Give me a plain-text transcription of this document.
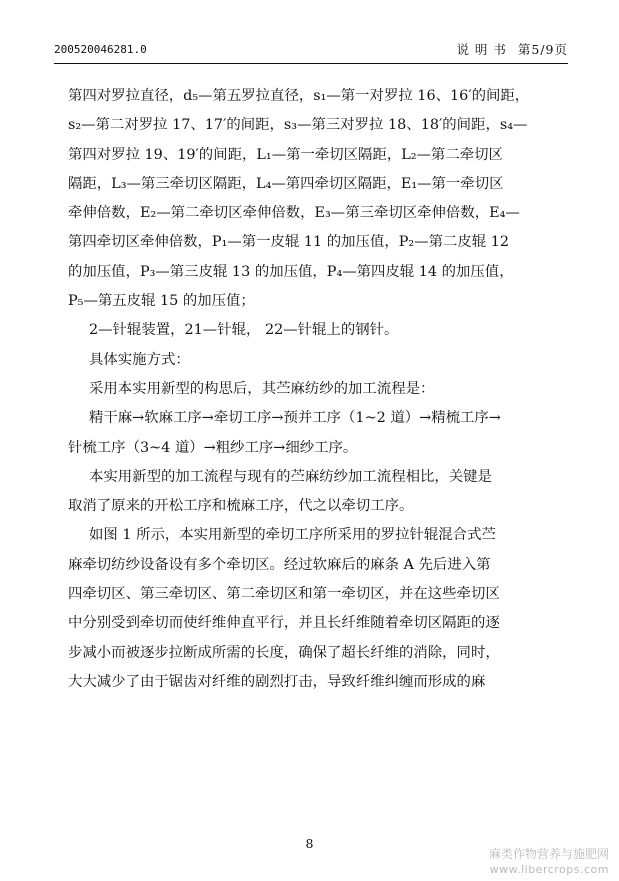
200520046281.0	说 明 书 第5/9页
第四对罗拉直径，d₅—第五罗拉直径，s₁—第一对罗拉 16、16′的间距，
s₂—第二对罗拉 17、17′的间距，s₃—第三对罗拉 18、18′的间距，s₄—
第四对罗拉 19、19′的间距，L₁—第一牵切区隔距，L₂—第二牵切区
隔距，L₃—第三牵切区隔距，L₄—第四牵切区隔距，E₁—第一牵切区
牵伸倍数，E₂—第二牵切区牵伸倍数，E₃—第三牵切区牵伸倍数，E₄—
第四牵切区牵伸倍数，P₁—第一皮辊 11 的加压值，P₂—第二皮辊 12
的加压值，P₃—第三皮辊 13 的加压值，P₄—第四皮辊 14 的加压值，
P₅—第五皮辊 15 的加压值；
2—针辊装置，21—针辊， 22—针辊上的钢针。
具体实施方式：
采用本实用新型的构思后，其苎麻纺纱的加工流程是：
精干麻→软麻工序→牵切工序→预并工序（1~2 道）→精梳工序→
针梳工序（3~4 道）→粗纱工序→细纱工序。
本实用新型的加工流程与现有的苎麻纺纱加工流程相比，关键是
取消了原来的开松工序和梳麻工序，代之以牵切工序。
如图 1 所示，本实用新型的牵切工序所采用的罗拉针辊混合式苎
麻牵切纺纱设备设有多个牵切区。经过软麻后的麻条 A 先后进入第
四牵切区、第三牵切区、第二牵切区和第一牵切区，并在这些牵切区
中分别受到牵切而使纤维伸直平行，并且长纤维随着牵切区隔距的逐
步减小而被逐步拉断成所需的长度，确保了超长纤维的消除，同时，
大大减少了由于锯齿对纤维的剧烈打击，导致纤维纠缠而形成的麻
8
麻类作物营养与施肥网
www.libercrops.com
